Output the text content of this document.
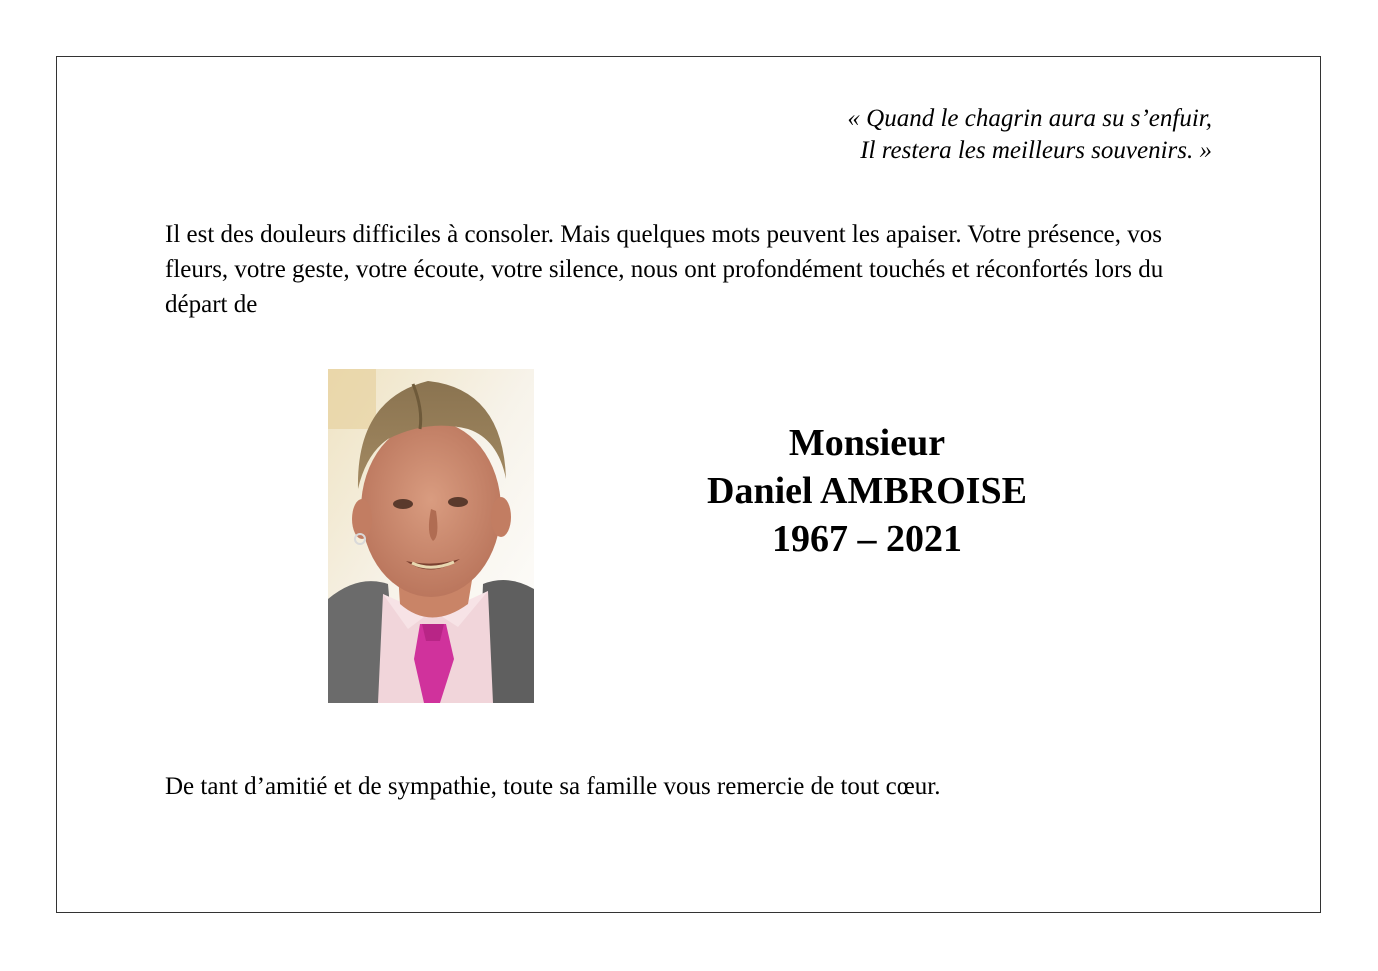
« Quand le chagrin aura su s’enfuir,
Il restera les meilleurs souvenirs. »
Il est des douleurs difficiles à consoler. Mais quelques mots peuvent les apaiser. Votre présence, vos fleurs, votre geste, votre écoute, votre silence, nous ont profondément touchés et réconfortés lors du départ de
Monsieur
Daniel AMBROISE
1967 – 2021
De tant d’amitié et de sympathie, toute sa famille vous remercie de tout cœur.
